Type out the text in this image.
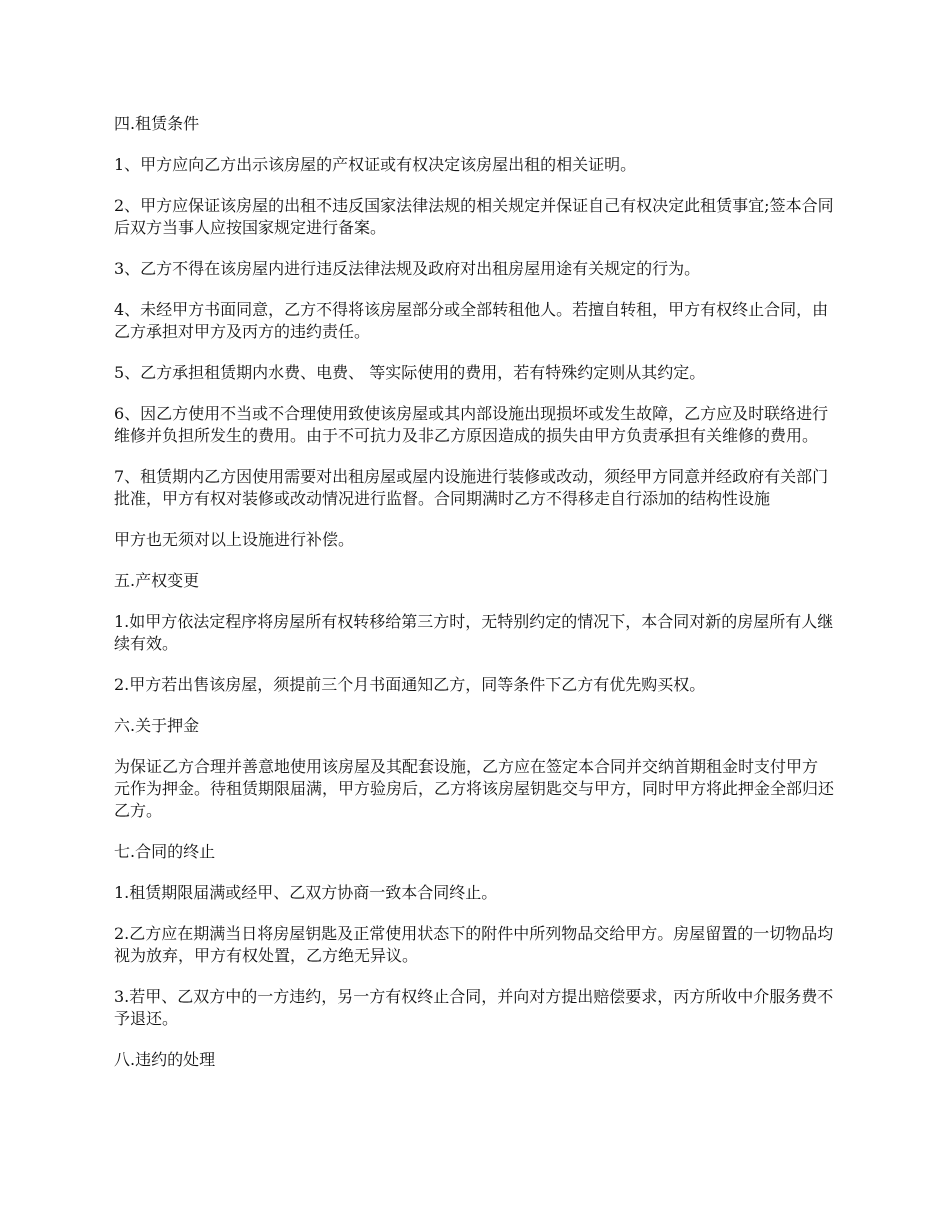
四.租赁条件

1、甲方应向乙方出示该房屋的产权证或有权决定该房屋出租的相关证明。

2、甲方应保证该房屋的出租不违反国家法律法规的相关规定并保证自己有权决定此租赁事宜;签本合同后双方当事人应按国家规定进行备案。

3、乙方不得在该房屋内进行违反法律法规及政府对出租房屋用途有关规定的行为。

4、未经甲方书面同意，乙方不得将该房屋部分或全部转租他人。若擅自转租，甲方有权终止合同，由乙方承担对甲方及丙方的违约责任。

5、乙方承担租赁期内水费、电费、 等实际使用的费用，若有特殊约定则从其约定。

6、因乙方使用不当或不合理使用致使该房屋或其内部设施出现损坏或发生故障，乙方应及时联络进行维修并负担所发生的费用。由于不可抗力及非乙方原因造成的损失由甲方负责承担有关维修的费用。

7、租赁期内乙方因使用需要对出租房屋或屋内设施进行装修或改动，须经甲方同意并经政府有关部门批准，甲方有权对装修或改动情况进行监督。合同期满时乙方不得移走自行添加的结构性设施

甲方也无须对以上设施进行补偿。

五.产权变更

1.如甲方依法定程序将房屋所有权转移给第三方时，无特别约定的情况下，本合同对新的房屋所有人继续有效。

2.甲方若出售该房屋，须提前三个月书面通知乙方，同等条件下乙方有优先购买权。

六.关于押金

为保证乙方合理并善意地使用该房屋及其配套设施，乙方应在签定本合同并交纳首期租金时支付甲方 元作为押金。待租赁期限届满，甲方验房后，乙方将该房屋钥匙交与甲方，同时甲方将此押金全部归还乙方。

七.合同的终止

1.租赁期限届满或经甲、乙双方协商一致本合同终止。

2.乙方应在期满当日将房屋钥匙及正常使用状态下的附件中所列物品交给甲方。房屋留置的一切物品均视为放弃，甲方有权处置，乙方绝无异议。

3.若甲、乙双方中的一方违约，另一方有权终止合同，并向对方提出赔偿要求，丙方所收中介服务费不予退还。

八.违约的处理
